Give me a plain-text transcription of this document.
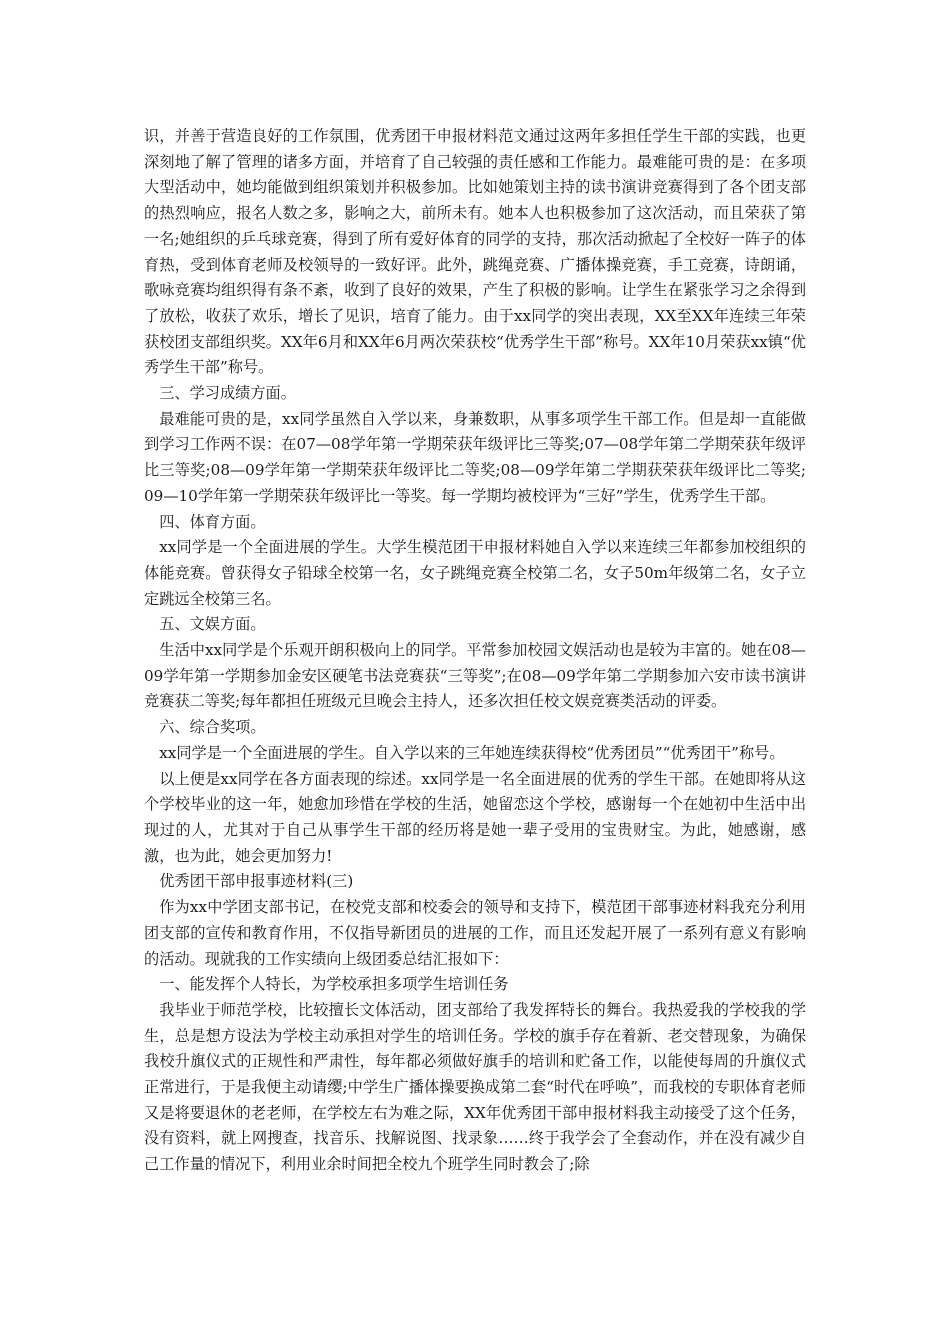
识，并善于营造良好的工作氛围，优秀团干申报材料范文通过这两年多担任学生干部的实践，也更深刻地了解了管理的诸多方面，并培育了自己较强的责任感和工作能力。最难能可贵的是：在多项大型活动中，她均能做到组织策划并积极参加。比如她策划主持的读书演讲竞赛得到了各个团支部的热烈响应，报名人数之多，影响之大，前所未有。她本人也积极参加了这次活动，而且荣获了第一名;她组织的乒乓球竞赛，得到了所有爱好体育的同学的支持，那次活动掀起了全校好一阵子的体育热，受到体育老师及校领导的一致好评。此外，跳绳竞赛、广播体操竞赛，手工竞赛，诗朗诵，歌咏竞赛均组织得有条不紊，收到了良好的效果，产生了积极的影响。让学生在紧张学习之余得到了放松，收获了欢乐，增长了见识，培育了能力。由于xx同学的突出表现，XX至XX年连续三年荣获校团支部组织奖。XX年6月和XX年6月两次荣获校“优秀学生干部”称号。XX年10月荣获xx镇“优秀学生干部”称号。

三、学习成绩方面。

最难能可贵的是，xx同学虽然自入学以来，身兼数职，从事多项学生干部工作。但是却一直能做到学习工作两不误：在07—08学年第一学期荣获年级评比三等奖;07—08学年第二学期荣获年级评比三等奖;08—09学年第一学期荣获年级评比二等奖;08—09学年第二学期获荣获年级评比二等奖;09—10学年第一学期荣获年级评比一等奖。每一学期均被校评为“三好”学生，优秀学生干部。

四、体育方面。

xx同学是一个全面进展的学生。大学生模范团干申报材料她自入学以来连续三年都参加校组织的体能竞赛。曾获得女子铅球全校第一名，女子跳绳竞赛全校第二名，女子50m年级第二名，女子立定跳远全校第三名。

五、文娱方面。

生活中xx同学是个乐观开朗积极向上的同学。平常参加校园文娱活动也是较为丰富的。她在08—09学年第一学期参加金安区硬笔书法竞赛获“三等奖”;在08—09学年第二学期参加六安市读书演讲竞赛获二等奖;每年都担任班级元旦晚会主持人，还多次担任校文娱竞赛类活动的评委。

六、综合奖项。

xx同学是一个全面进展的学生。自入学以来的三年她连续获得校“优秀团员”“优秀团干”称号。

以上便是xx同学在各方面表现的综述。xx同学是一名全面进展的优秀的学生干部。在她即将从这个学校毕业的这一年，她愈加珍惜在学校的生活，她留恋这个学校，感谢每一个在她初中生活中出现过的人，尤其对于自己从事学生干部的经历将是她一辈子受用的宝贵财宝。为此，她感谢，感激，也为此，她会更加努力!

优秀团干部申报事迹材料(三)

作为xx中学团支部书记，在校党支部和校委会的领导和支持下，模范团干部事迹材料我充分利用团支部的宣传和教育作用，不仅指导新团员的进展的工作，而且还发起开展了一系列有意义有影响的活动。现就我的工作实绩向上级团委总结汇报如下：

一、能发挥个人特长，为学校承担多项学生培训任务

我毕业于师范学校，比较擅长文体活动，团支部给了我发挥特长的舞台。我热爱我的学校我的学生，总是想方设法为学校主动承担对学生的培训任务。学校的旗手存在着新、老交替现象，为确保我校升旗仪式的正规性和严肃性，每年都必须做好旗手的培训和贮备工作，以能使每周的升旗仪式正常进行，于是我便主动请缨;中学生广播体操要换成第二套“时代在呼唤”，而我校的专职体育老师又是将要退休的老老师，在学校左右为难之际，XX年优秀团干部申报材料我主动接受了这个任务，没有资料，就上网搜查，找音乐、找解说图、找录象……终于我学会了全套动作，并在没有减少自己工作量的情况下，利用业余时间把全校九个班学生同时教会了;除
